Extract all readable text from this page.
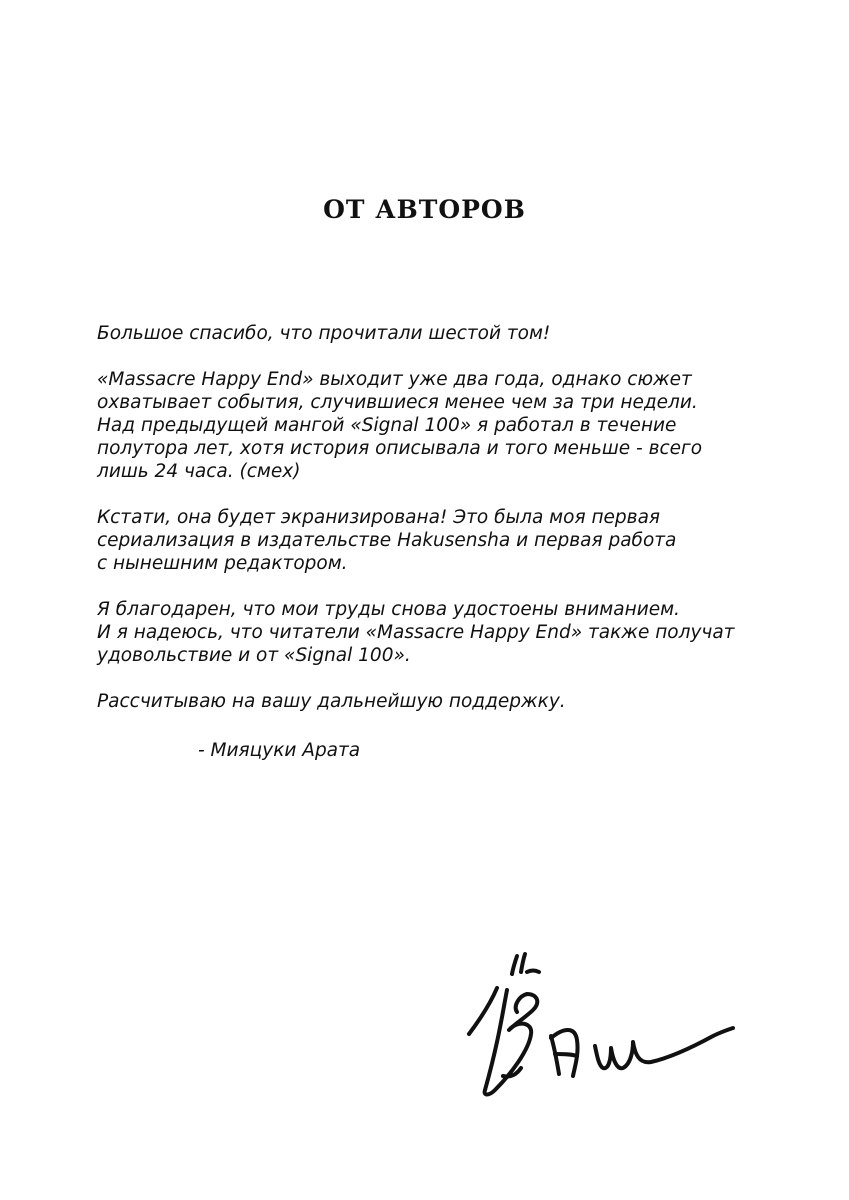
ОТ АВТОРОВ

Большое спасибо, что прочитали шестой том!

«Massacre Happy End» выходит уже два года, однако сюжет
охватывает события, случившиеся менее чем за три недели.
Над предыдущей мангой «Signal 100» я работал в течение
полутора лет, хотя история описывала и того меньше - всего
лишь 24 часа. (смех)

Кстати, она будет экранизирована! Это была моя первая
сериализация в издательстве Hakusensha и первая работа
с нынешним редактором.

Я благодарен, что мои труды снова удостоены вниманием.
И я надеюсь, что читатели «Massacre Happy End» также получат
удовольствие и от «Signal 100».

Рассчитываю на вашу дальнейшую поддержку.

- Мияцуки Арата
